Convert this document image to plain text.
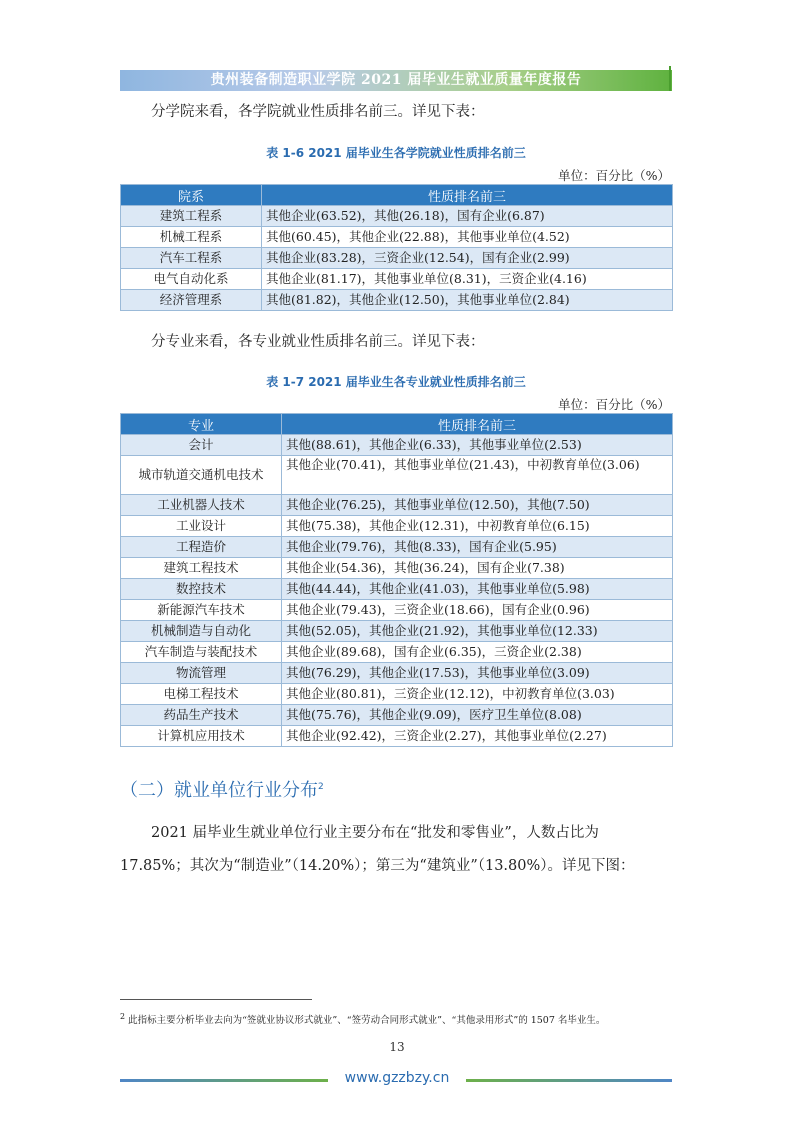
贵州装备制造职业学院 2021 届毕业生就业质量年度报告
分学院来看，各学院就业性质排名前三。详见下表：
表 1-6 2021 届毕业生各学院就业性质排名前三
单位：百分比（%）
院系	性质排名前三
建筑工程系	其他企业(63.52)，其他(26.18)，国有企业(6.87)
机械工程系	其他(60.45)，其他企业(22.88)，其他事业单位(4.52)
汽车工程系	其他企业(83.28)，三资企业(12.54)，国有企业(2.99)
电气自动化系	其他企业(81.17)，其他事业单位(8.31)，三资企业(4.16)
经济管理系	其他(81.82)，其他企业(12.50)，其他事业单位(2.84)
分专业来看，各专业就业性质排名前三。详见下表：
表 1-7 2021 届毕业生各专业就业性质排名前三
单位：百分比（%）
专业	性质排名前三
会计	其他(88.61)，其他企业(6.33)，其他事业单位(2.53)
城市轨道交通机电技术	其他企业(70.41)，其他事业单位(21.43)，中初教育单位(3.06)
工业机器人技术	其他企业(76.25)，其他事业单位(12.50)，其他(7.50)
工业设计	其他(75.38)，其他企业(12.31)，中初教育单位(6.15)
工程造价	其他企业(79.76)，其他(8.33)，国有企业(5.95)
建筑工程技术	其他企业(54.36)，其他(36.24)，国有企业(7.38)
数控技术	其他(44.44)，其他企业(41.03)，其他事业单位(5.98)
新能源汽车技术	其他企业(79.43)，三资企业(18.66)，国有企业(0.96)
机械制造与自动化	其他(52.05)，其他企业(21.92)，其他事业单位(12.33)
汽车制造与装配技术	其他企业(89.68)，国有企业(6.35)，三资企业(2.38)
物流管理	其他(76.29)，其他企业(17.53)，其他事业单位(3.09)
电梯工程技术	其他企业(80.81)，三资企业(12.12)，中初教育单位(3.03)
药品生产技术	其他(75.76)，其他企业(9.09)，医疗卫生单位(8.08)
计算机应用技术	其他企业(92.42)，三资企业(2.27)，其他事业单位(2.27)
（二）就业单位行业分布$^2$
2021 届毕业生就业单位行业主要分布在“批发和零售业”，人数占比为
17.85%；其次为“制造业”（14.20%）；第三为“建筑业”（13.80%）。详见下图：
$^2$ 此指标主要分析毕业去向为“签就业协议形式就业”、“签劳动合同形式就业”、“其他录用形式”的 1507 名毕业生。
13
www.gzzbzy.cn
